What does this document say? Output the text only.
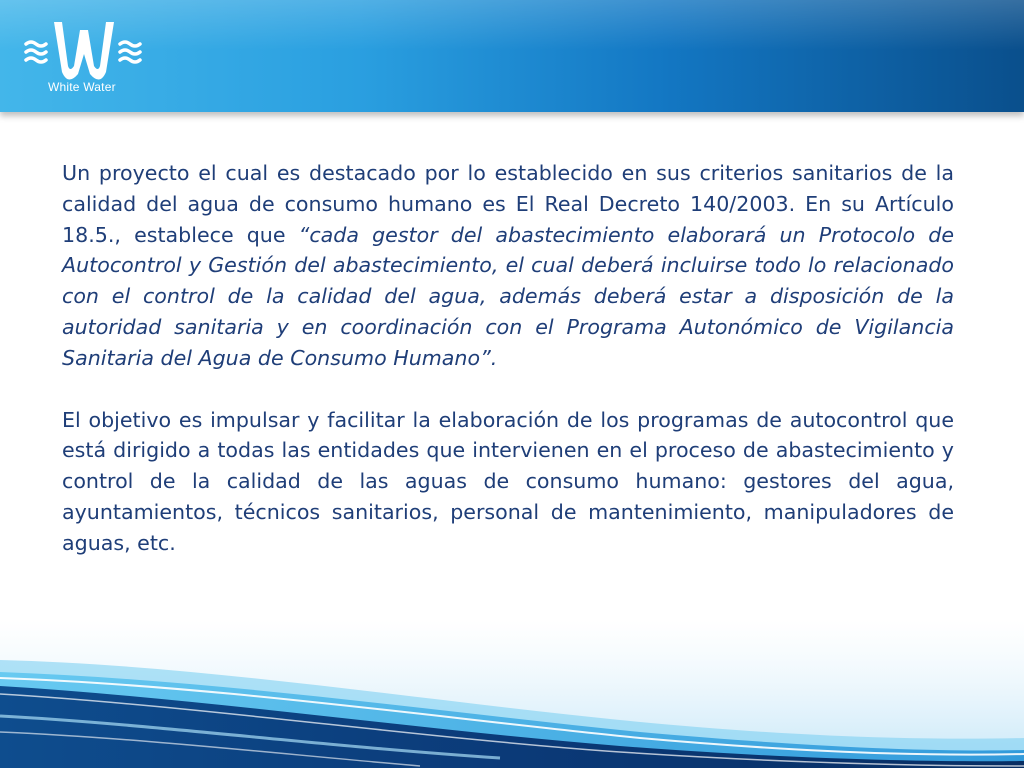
White Water

Un proyecto el cual es destacado por lo establecido en sus criterios sanitarios de la calidad del agua de consumo humano es El Real Decreto 140/2003. En su Artículo 18.5., establece que “cada gestor del abastecimiento elaborará un Protocolo de Autocontrol y Gestión del abastecimiento, el cual deberá incluirse todo lo relacionado con el control de la calidad del agua, además deberá estar a disposición de la autoridad sanitaria y en coordinación con el Programa Autonómico de Vigilancia Sanitaria del Agua de Consumo Humano”.

El objetivo es impulsar y facilitar la elaboración de los programas de autocontrol que está dirigido a todas las entidades que intervienen en el proceso de abastecimiento y control de la calidad de las aguas de consumo humano: gestores del agua, ayuntamientos, técnicos sanitarios, personal de mantenimiento, manipuladores de aguas, etc.
